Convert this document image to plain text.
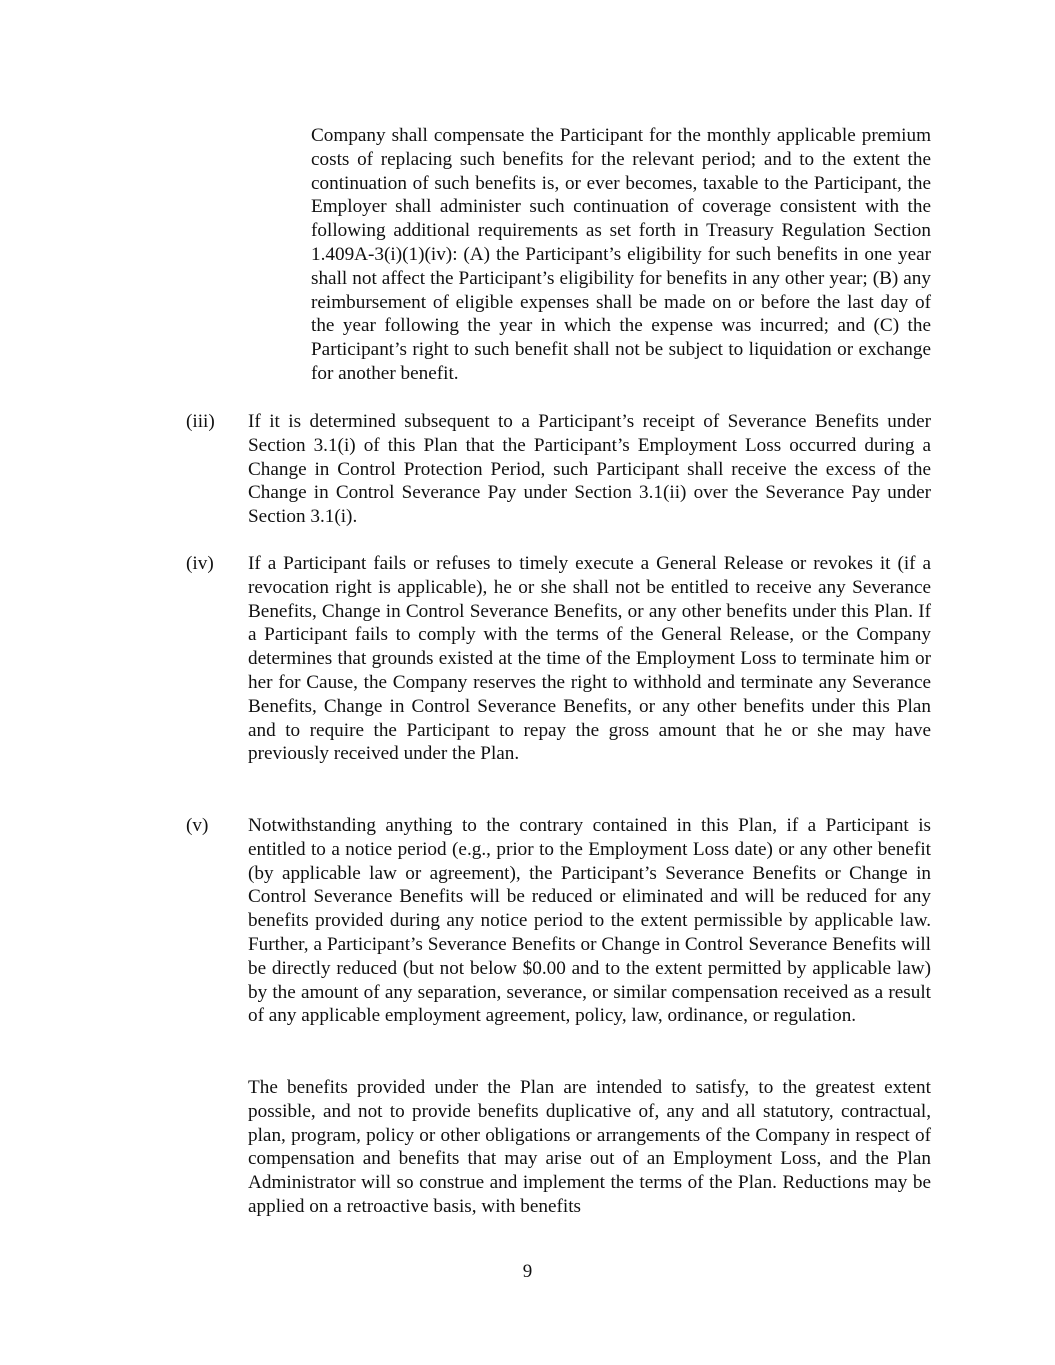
Company shall compensate the Participant for the monthly applicable premium costs of replacing such benefits for the relevant period; and to the extent the continuation of such benefits is, or ever becomes, taxable to the Participant, the Employer shall administer such continuation of coverage consistent with the following additional requirements as set forth in Treasury Regulation Section 1.409A-3(i)(1)(iv): (A) the Participant’s eligibility for such benefits in one year shall not affect the Participant’s eligibility for benefits in any other year; (B) any reimbursement of eligible expenses shall be made on or before the last day of the year following the year in which the expense was incurred; and (C) the Participant’s right to such benefit shall not be subject to liquidation or exchange for another benefit.

(iii)	If it is determined subsequent to a Participant’s receipt of Severance Benefits under Section 3.1(i) of this Plan that the Participant’s Employment Loss occurred during a Change in Control Protection Period, such Participant shall receive the excess of the Change in Control Severance Pay under Section 3.1(ii) over the Severance Pay under Section 3.1(i).
(iv)	If a Participant fails or refuses to timely execute a General Release or revokes it (if a revocation right is applicable), he or she shall not be entitled to receive any Severance Benefits, Change in Control Severance Benefits, or any other benefits under this Plan. If a Participant fails to comply with the terms of the General Release, or the Company determines that grounds existed at the time of the Employment Loss to terminate him or her for Cause, the Company reserves the right to withhold and terminate any Severance Benefits, Change in Control Severance Benefits, or any other benefits under this Plan and to require the Participant to repay the gross amount that he or she may have previously received under the Plan.
(v)	Notwithstanding anything to the contrary contained in this Plan, if a Participant is entitled to a notice period (e.g., prior to the Employment Loss date) or any other benefit (by applicable law or agreement), the Participant’s Severance Benefits or Change in Control Severance Benefits will be reduced or eliminated and will be reduced for any benefits provided during any notice period to the extent permissible by applicable law. Further, a Participant’s Severance Benefits or Change in Control Severance Benefits will be directly reduced (but not below $0.00 and to the extent permitted by applicable law) by the amount of any separation, severance, or similar compensation received as a result of any applicable employment agreement, policy, law, ordinance, or regulation.

The benefits provided under the Plan are intended to satisfy, to the greatest extent possible, and not to provide benefits duplicative of, any and all statutory, contractual, plan, program, policy or other obligations or arrangements of the Company in respect of compensation and benefits that may arise out of an Employment Loss, and the Plan Administrator will so construe and implement the terms of the Plan. Reductions may be applied on a retroactive basis, with benefits

9
